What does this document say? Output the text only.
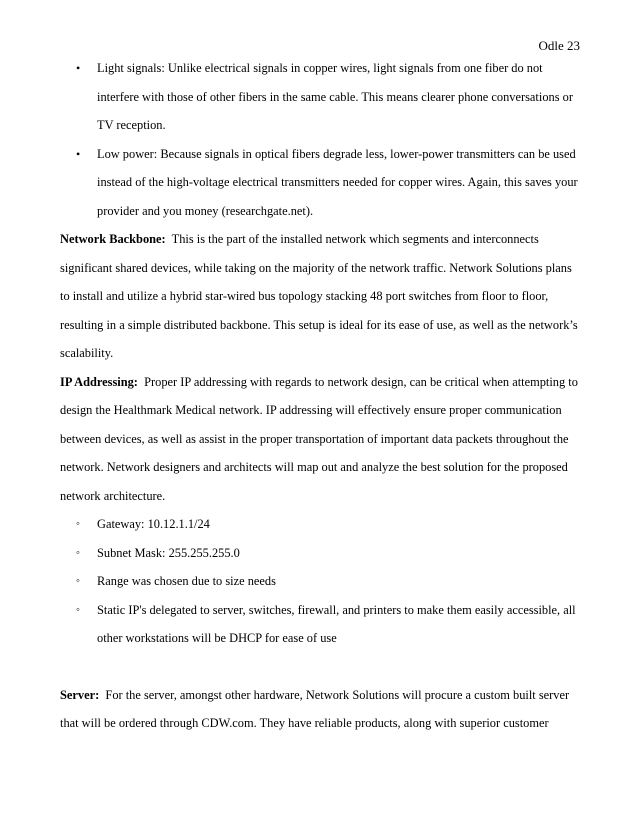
Odle 23
• Light signals: Unlike electrical signals in copper wires, light signals from one fiber do not interfere with those of other fibers in the same cable. This means clearer phone conversations or TV reception.
• Low power: Because signals in optical fibers degrade less, lower-power transmitters can be used instead of the high-voltage electrical transmitters needed for copper wires. Again, this saves your provider and you money (researchgate.net).

Network Backbone: This is the part of the installed network which segments and interconnects significant shared devices, while taking on the majority of the network traffic. Network Solutions plans to install and utilize a hybrid star-wired bus topology stacking 48 port switches from floor to floor, resulting in a simple distributed backbone. This setup is ideal for its ease of use, as well as the network’s scalability.

IP Addressing: Proper IP addressing with regards to network design, can be critical when attempting to design the Healthmark Medical network. IP addressing will effectively ensure proper communication between devices, as well as assist in the proper transportation of important data packets throughout the network. Network designers and architects will map out and analyze the best solution for the proposed network architecture.

◦ Gateway: 10.12.1.1/24
◦ Subnet Mask: 255.255.255.0
◦ Range was chosen due to size needs
◦ Static IP's delegated to server, switches, firewall, and printers to make them easily accessible, all other workstations will be DHCP for ease of use

Server: For the server, amongst other hardware, Network Solutions will procure a custom built server that will be ordered through CDW.com. They have reliable products, along with superior customer
